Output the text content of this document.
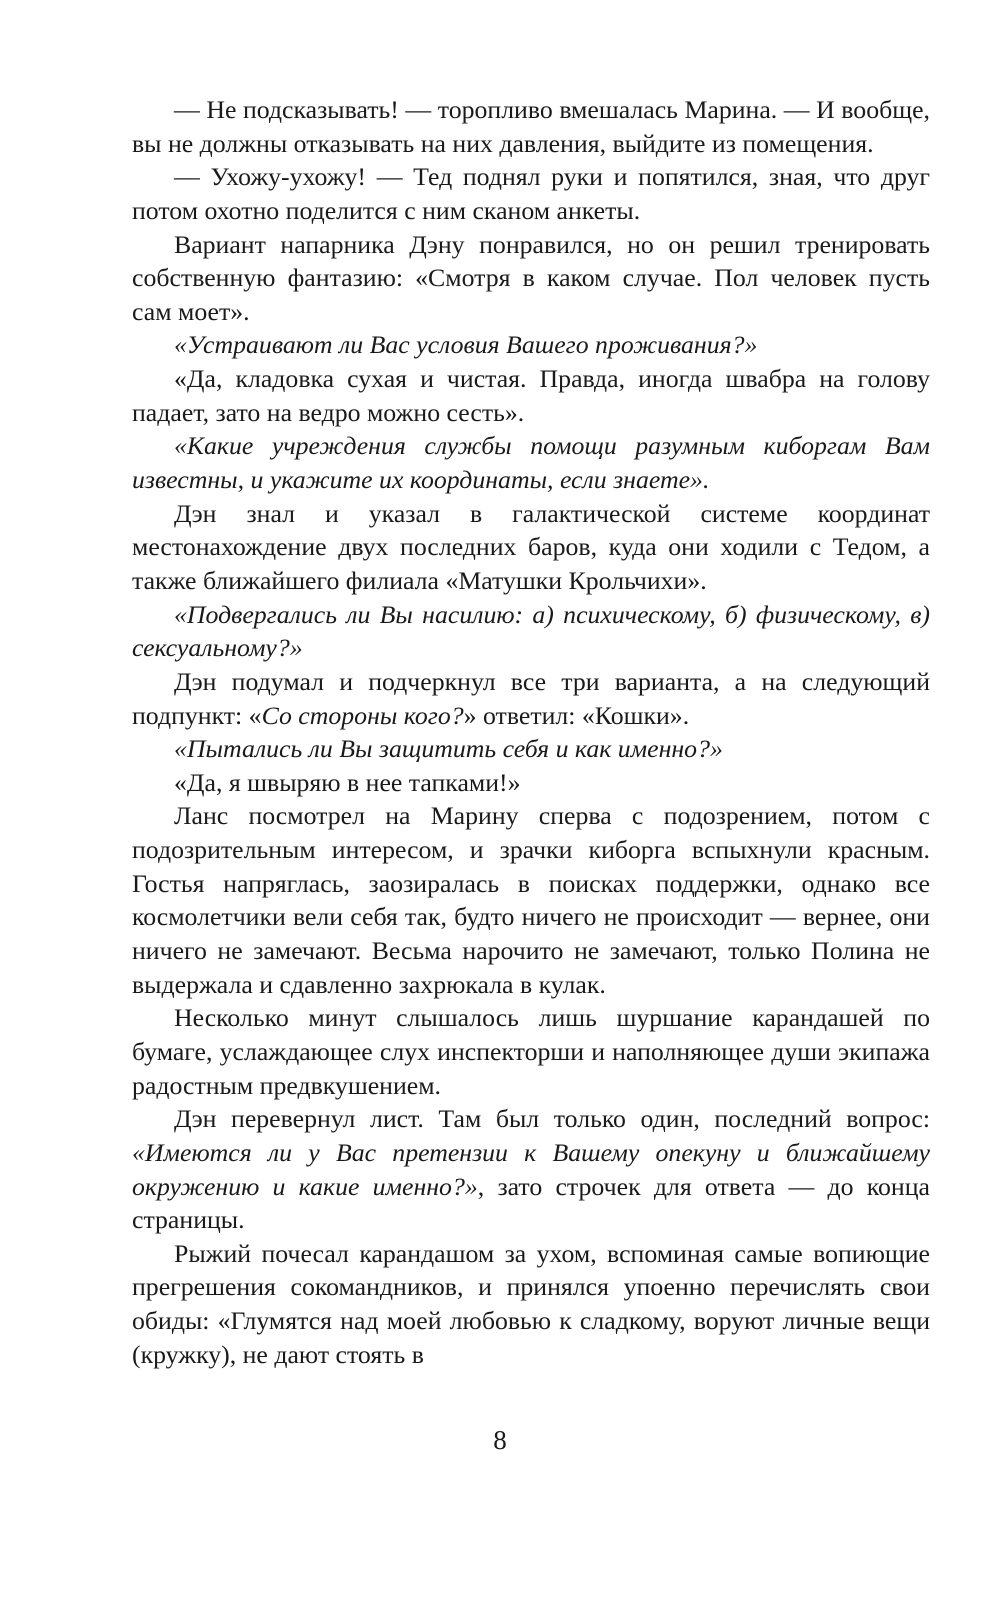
— Не подсказывать! — торопливо вмешалась Марина. — И вообще, вы не должны отказывать на них давления, выйдите из помещения.

— Ухожу-ухожу! — Тед поднял руки и попятился, зная, что друг потом охотно поделится с ним сканом анкеты.

Вариант напарника Дэну понравился, но он решил тренировать собственную фантазию: «Смотря в каком случае. Пол человек пусть сам моет».

«Устраивают ли Вас условия Вашего проживания?»

«Да, кладовка сухая и чистая. Правда, иногда швабра на голову падает, зато на ведро можно сесть».

«Какие учреждения службы помощи разумным киборгам Вам известны, и укажите их координаты, если знаете».

Дэн знал и указал в галактической системе координат местонахождение двух последних баров, куда они ходили с Тедом, а также ближайшего филиала «Матушки Крольчихи».

«Подвергались ли Вы насилию: а) психическому, б) физическому, в) сексуальному?»

Дэн подумал и подчеркнул все три варианта, а на следующий подпункт: «Со стороны кого?» ответил: «Кошки».

«Пытались ли Вы защитить себя и как именно?»

«Да, я швыряю в нее тапками!»

Ланс посмотрел на Марину сперва с подозрением, потом с подозрительным интересом, и зрачки киборга вспыхнули красным. Гостья напряглась, заозиралась в поисках поддержки, однако все космолетчики вели себя так, будто ничего не происходит — вернее, они ничего не замечают. Весьма нарочито не замечают, только Полина не выдержала и сдавленно захрюкала в кулак.

Несколько минут слышалось лишь шуршание карандашей по бумаге, услаждающее слух инспекторши и наполняющее души экипажа радостным предвкушением.

Дэн перевернул лист. Там был только один, последний вопрос: «Имеются ли у Вас претензии к Вашему опекуну и ближайшему окружению и какие именно?», зато строчек для ответа — до конца страницы.

Рыжий почесал карандашом за ухом, вспоминая самые вопиющие прегрешения сокомандников, и принялся упоенно перечислять свои обиды: «Глумятся над моей любовью к сладкому, воруют личные вещи (кружку), не дают стоять в

8
